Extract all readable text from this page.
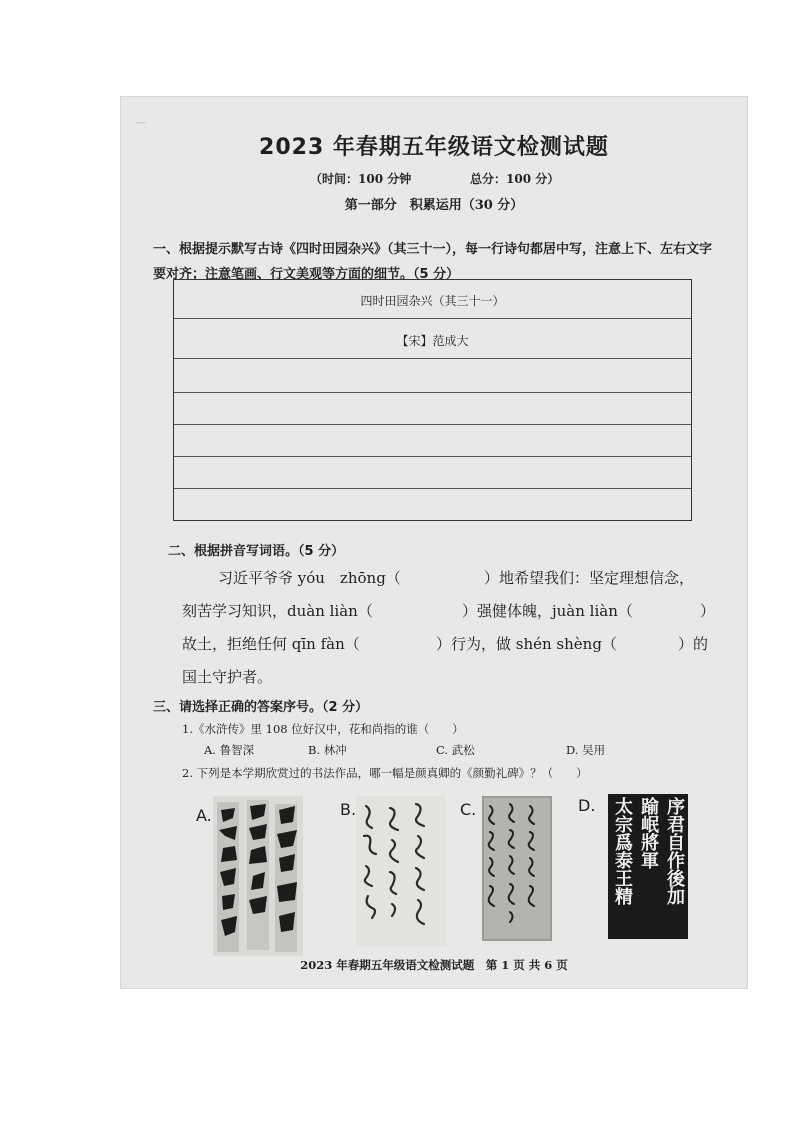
—
2023 年春期五年级语文检测试题
（时间：100 分钟	总分：100 分）
第一部分　积累运用（30 分）
一、根据提示默写古诗《四时田园杂兴》（其三十一），每一行诗句都居中写，注意上下、左右文字要对齐；注意笔画、行文美观等方面的细节。（5 分）
四时田园杂兴（其三十一）
【宋】范成大
二、根据拼音写词语。（5 分）
习近平爷爷 yóu　zhōng（	）地希望我们：坚定理想信念，
刻苦学习知识，duàn liàn（	）强健体魄，juàn liàn（	）
故土，拒绝任何 qīn fàn（	）行为，做 shén shèng（	）的
国土守护者。
三、请选择正确的答案序号。（2 分）
1.《水浒传》里 108 位好汉中，花和尚指的谁（　　）
A. 鲁智深	B. 林冲	C. 武松	D. 吴用
2. 下列是本学期欣赏过的书法作品，哪一幅是颜真卿的《颜勤礼碑》？（　　）
A.	B.	C.	D.	序君自作後加
踰岷將軍
太宗爲泰王精
2023 年春期五年级语文检测试题　第 1 页 共 6 页
